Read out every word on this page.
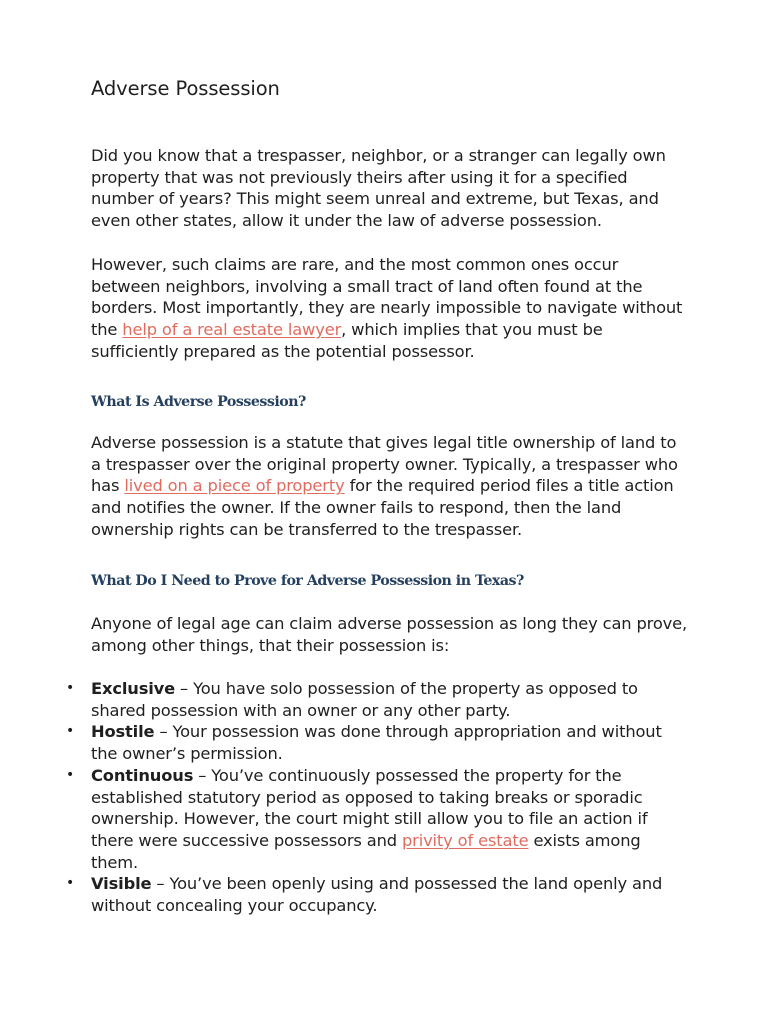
Adverse Possession

Did you know that a trespasser, neighbor, or a stranger can legally own property that was not previously theirs after using it for a specified number of years? This might seem unreal and extreme, but Texas, and even other states, allow it under the law of adverse possession.

However, such claims are rare, and the most common ones occur between neighbors, involving a small tract of land often found at the borders. Most importantly, they are nearly impossible to navigate without the help of a real estate lawyer, which implies that you must be sufficiently prepared as the potential possessor.

What Is Adverse Possession?

Adverse possession is a statute that gives legal title ownership of land to a trespasser over the original property owner. Typically, a trespasser who has lived on a piece of property for the required period files a title action and notifies the owner. If the owner fails to respond, then the land ownership rights can be transferred to the trespasser.

What Do I Need to Prove for Adverse Possession in Texas?

Anyone of legal age can claim adverse possession as long they can prove, among other things, that their possession is:

• Exclusive – You have solo possession of the property as opposed to shared possession with an owner or any other party.
• Hostile – Your possession was done through appropriation and without the owner’s permission.
• Continuous – You’ve continuously possessed the property for the established statutory period as opposed to taking breaks or sporadic ownership. However, the court might still allow you to file an action if there were successive possessors and privity of estate exists among them.
• Visible – You’ve been openly using and possessed the land openly and without concealing your occupancy.
